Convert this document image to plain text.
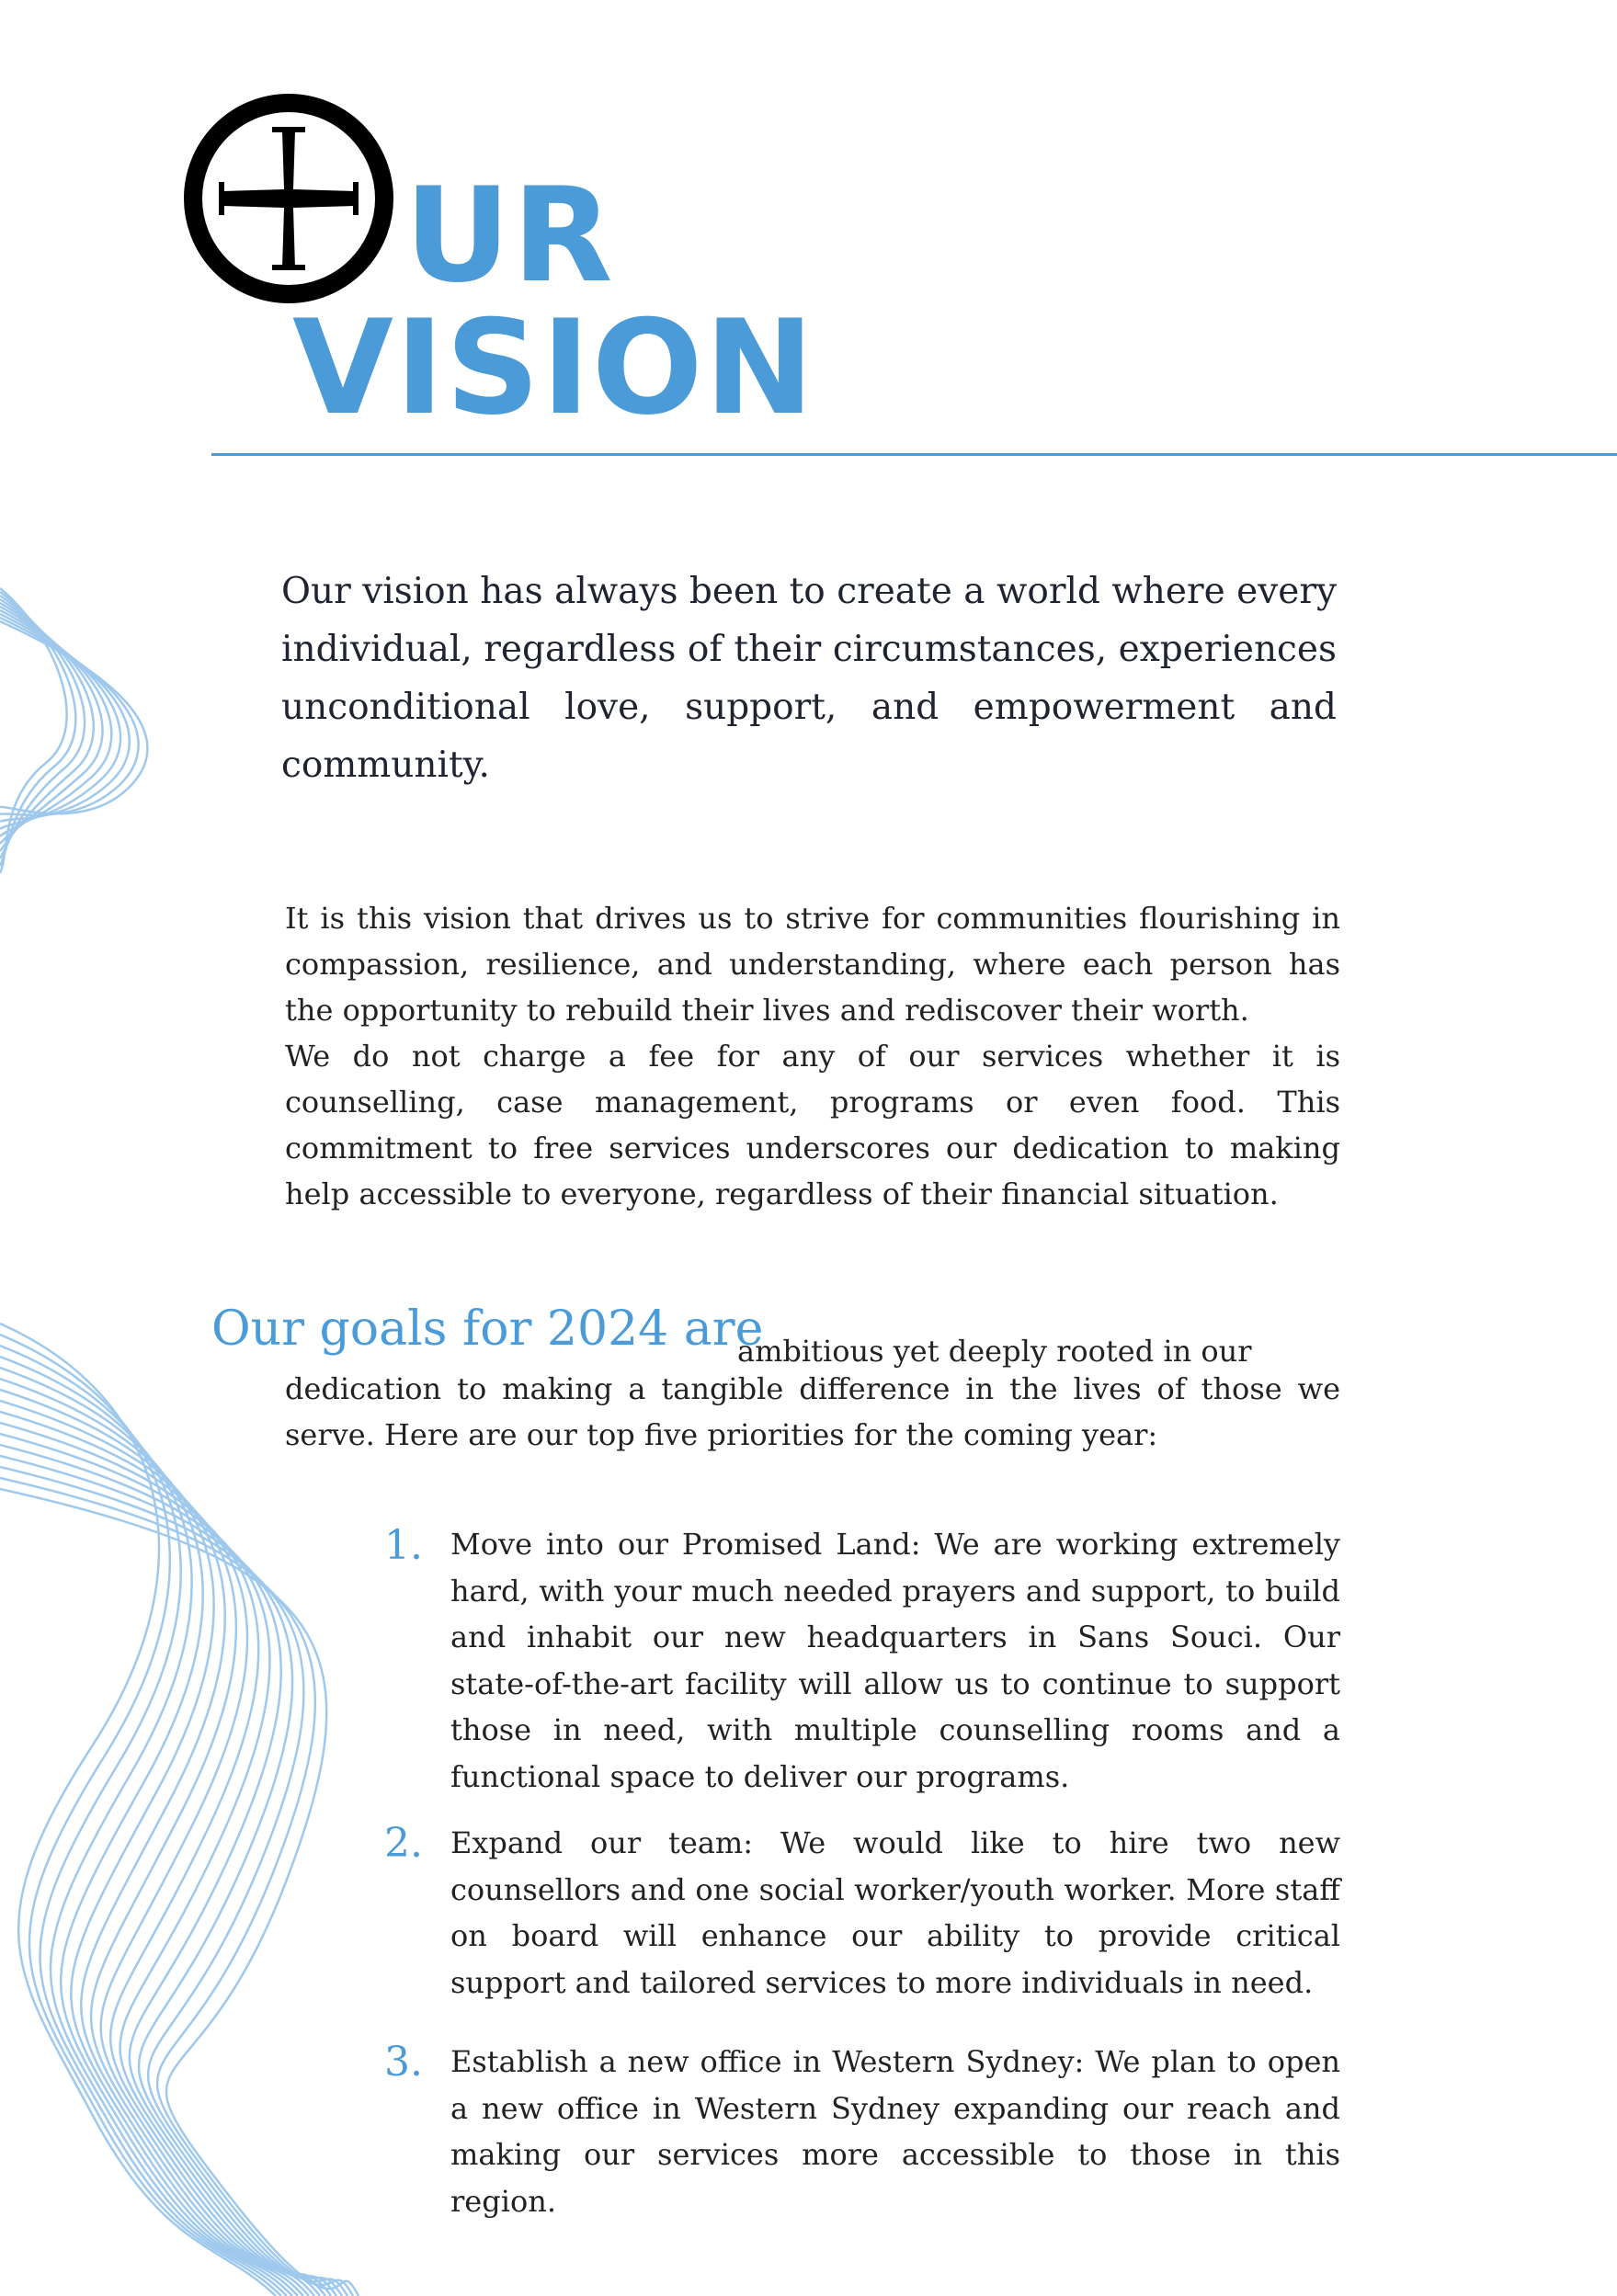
UR
VISION
Our vision has always been to create a world where every individual, regardless of their circumstances, experiences unconditional love, support, and empowerment and community.

It is this vision that drives us to strive for communities flourishing in compassion, resilience, and understanding, where each person has the opportunity to rebuild their lives and rediscover their worth.

We do not charge a fee for any of our services whether it is counselling, case management, programs or even food. This commitment to free services underscores our dedication to making help accessible to everyone, regardless of their financial situation.

Our goals for 2024 are
ambitious yet deeply rooted in our
dedication to making a tangible difference in the lives of those we serve. Here are our top five priorities for the coming year:
1. Move into our Promised Land: We are working extremely hard, with your much needed prayers and support, to build and inhabit our new headquarters in Sans Souci. Our state-of-the-art facility will allow us to continue to support those in need, with multiple counselling rooms and a functional space to deliver our programs.
2. Expand our team: We would like to hire two new counsellors and one social worker/youth worker. More staff on board will enhance our ability to provide critical support and tailored services to more individuals in need.
3. Establish a new office in Western Sydney: We plan to open a new office in Western Sydney expanding our reach and making our services more accessible to those in this region.
